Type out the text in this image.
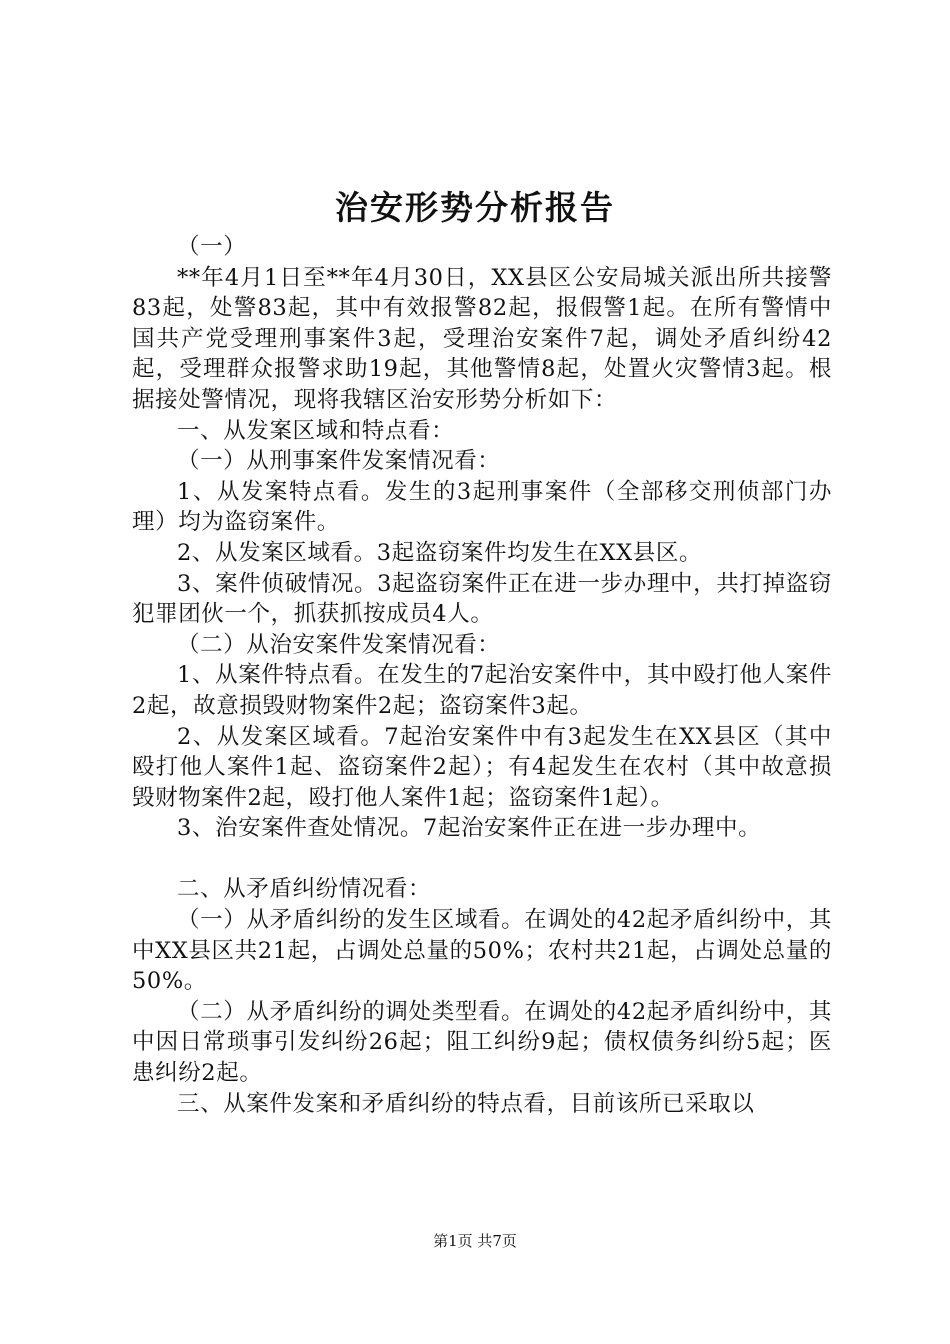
治安形势分析报告

（一）

**年4月1日至**年4月30日，XX县区公安局城关派出所共接警83起，处警83起，其中有效报警82起，报假警1起。在所有警情中国共产党受理刑事案件3起，受理治安案件7起，调处矛盾纠纷42起，受理群众报警求助19起，其他警情8起，处置火灾警情3起。根据接处警情况，现将我辖区治安形势分析如下：

一、从发案区域和特点看：

（一）从刑事案件发案情况看：

1、从发案特点看。发生的3起刑事案件（全部移交刑侦部门办理）均为盗窃案件。

2、从发案区域看。3起盗窃案件均发生在XX县区。

3、案件侦破情况。3起盗窃案件正在进一步办理中，共打掉盗窃犯罪团伙一个，抓获抓按成员4人。

（二）从治安案件发案情况看：

1、从案件特点看。在发生的7起治安案件中，其中殴打他人案件2起，故意损毁财物案件2起；盗窃案件3起。

2、从发案区域看。7起治安案件中有3起发生在XX县区（其中殴打他人案件1起、盗窃案件2起）；有4起发生在农村（其中故意损毁财物案件2起，殴打他人案件1起；盗窃案件1起）。

3、治安案件查处情况。7起治安案件正在进一步办理中。

二、从矛盾纠纷情况看：

（一）从矛盾纠纷的发生区域看。在调处的42起矛盾纠纷中，其中XX县区共21起，占调处总量的50%；农村共21起，占调处总量的50%。

（二）从矛盾纠纷的调处类型看。在调处的42起矛盾纠纷中，其中因日常琐事引发纠纷26起；阻工纠纷9起；债权债务纠纷5起；医患纠纷2起。

三、从案件发案和矛盾纠纷的特点看，目前该所已采取以

第1页 共7页
